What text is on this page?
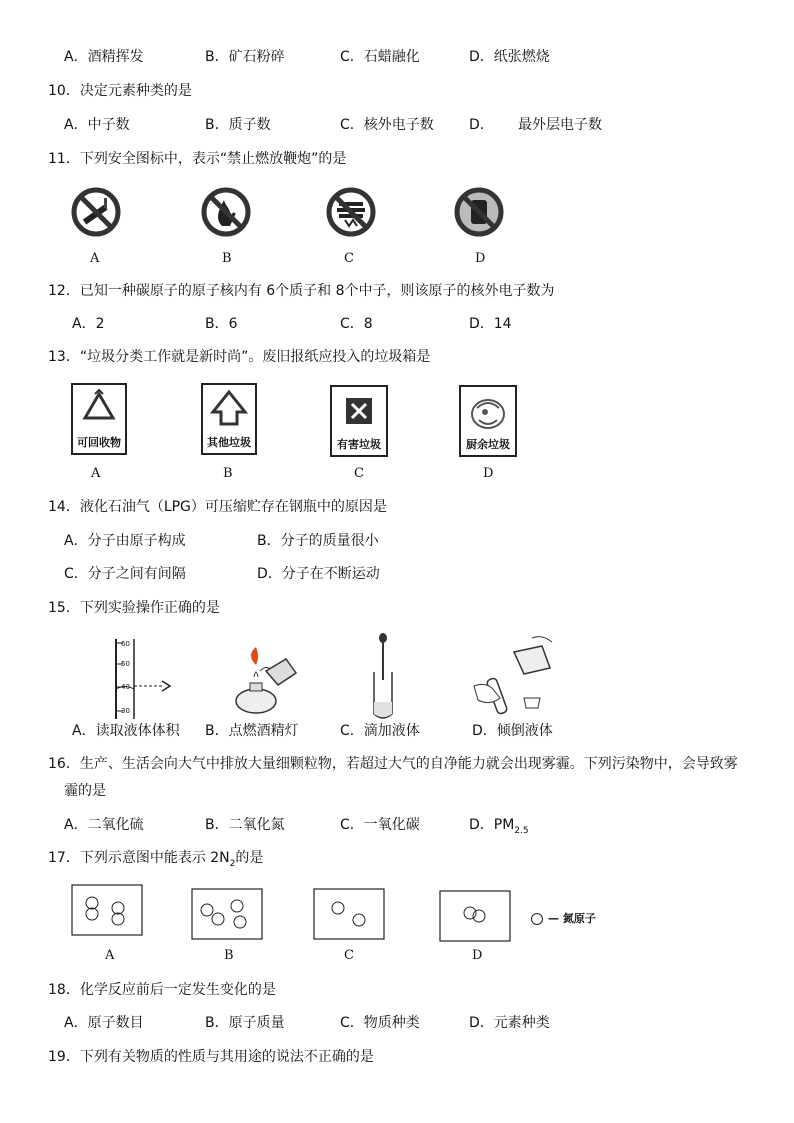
A．酒精挥发	B．矿石粉碎	C．石蜡融化	D．纸张燃烧
10．决定元素种类的是
A．中子数	B．质子数	C．核外电子数	D． 最外层电子数
11．下列安全图标中，表示“禁止燃放鞭炮”的是
A	B	C	D
12．已知一种碳原子的原子核内有 6个质子和 8个中子，则该原子的核外电子数为
A．2	B．6	C．8	D．14
13．“垃圾分类工作就是新时尚”。废旧报纸应投入的垃圾箱是
可回收物	其他垃圾	有害垃圾	厨余垃圾
A	B	C	D
14．液化石油气（LPG）可压缩贮存在钢瓶中的原因是
A．分子由原子构成	B．分子的质量很小
C．分子之间有间隔	D．分子在不断运动
15．下列实验操作正确的是
60
50
40
30
A．读取液体体积 B．点燃酒精灯	C．滴加液体	D．倾倒液体
16．生产、生活会向大气中排放大量细颗粒物，若超过大气的自净能力就会出现雾霾。下列污染物中，会导致雾
霾的是
A．二氧化硫	B．二氧化氮	C．一氧化碳	D．$PM_{2.5}$
17．下列示意图中能表示 $2N_2$的是
— 氮原子
A	B	C	D
18．化学反应前后一定发生变化的是
A．原子数目	B．原子质量	C．物质种类	D．元素种类
19．下列有关物质的性质与其用途的说法不正确的是
